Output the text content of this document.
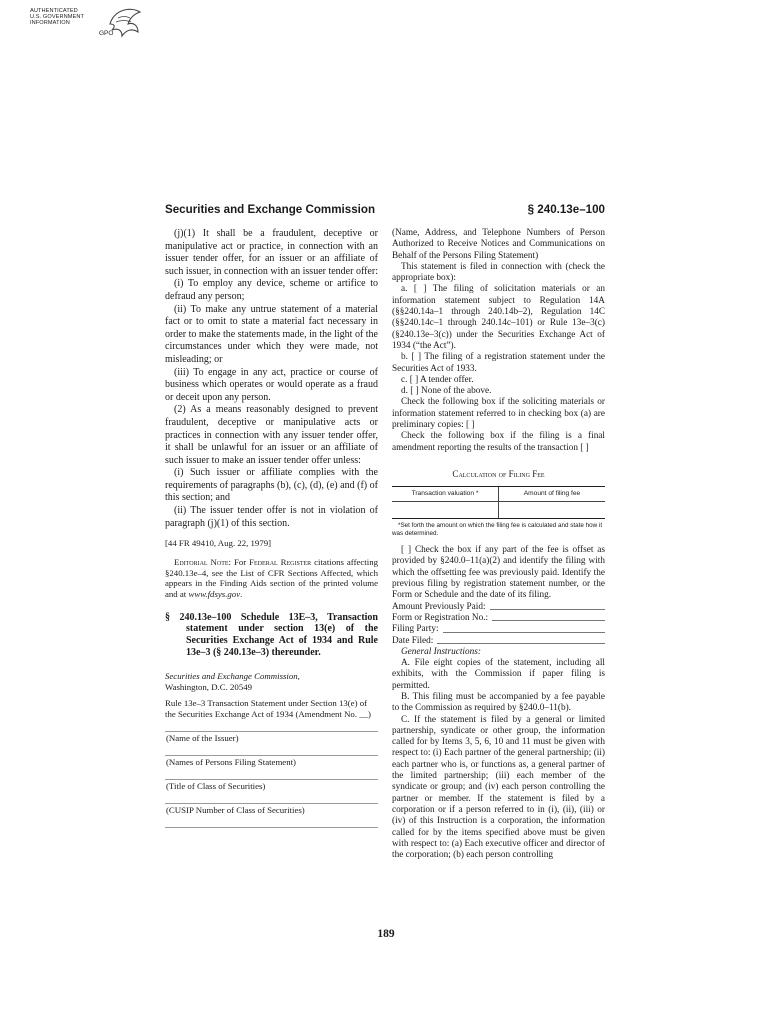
AUTHENTICATED
U.S. GOVERNMENT
INFORMATION
GPO
Securities and Exchange Commission	§ 240.13e–100

(j)(1) It shall be a fraudulent, deceptive or manipulative act or practice, in connection with an issuer tender offer, for an issuer or an affiliate of such issuer, in connection with an issuer tender offer:

(i) To employ any device, scheme or artifice to defraud any person;

(ii) To make any untrue statement of a material fact or to omit to state a material fact necessary in order to make the statements made, in the light of the circumstances under which they were made, not misleading; or

(iii) To engage in any act, practice or course of business which operates or would operate as a fraud or deceit upon any person.

(2) As a means reasonably designed to prevent fraudulent, deceptive or manipulative acts or practices in connection with any issuer tender offer, it shall be unlawful for an issuer or an affiliate of such issuer to make an issuer tender offer unless:

(i) Such issuer or affiliate complies with the requirements of paragraphs (b), (c), (d), (e) and (f) of this section; and

(ii) The issuer tender offer is not in violation of paragraph (j)(1) of this section.

[44 FR 49410, Aug. 22, 1979]

Editorial Note: For Federal Register citations affecting §240.13e–4, see the List of CFR Sections Affected, which appears in the Finding Aids section of the printed volume and at www.fdsys.gov.

§ 240.13e–100 Schedule 13E–3, Transaction statement under section 13(e) of the Securities Exchange Act of 1934 and Rule 13e–3 (§ 240.13e–3) thereunder.

Securities and Exchange Commission,

Washington, D.C. 20549

Rule 13e–3 Transaction Statement under Section 13(e) of the Securities Exchange Act of 1934 (Amendment No. __)

(Name of the Issuer)

(Names of Persons Filing Statement)

(Title of Class of Securities)

(CUSIP Number of Class of Securities)

(Name, Address, and Telephone Numbers of Person Authorized to Receive Notices and Communications on Behalf of the Persons Filing Statement)

This statement is filed in connection with (check the appropriate box):

a. [ ] The filing of solicitation materials or an information statement subject to Regulation 14A (§§240.14a–1 through 240.14b–2), Regulation 14C (§§240.14c–1 through 240.14c–101) or Rule 13e–3(c) (§240.13e–3(c)) under the Securities Exchange Act of 1934 (“the Act”).

b. [ ] The filing of a registration statement under the Securities Act of 1933.

c. [ ] A tender offer.

d. [ ] None of the above.

Check the following box if the soliciting materials or information statement referred to in checking box (a) are preliminary copies: [ ]

Check the following box if the filing is a final amendment reporting the results of the transaction [ ]

Calculation of Filing Fee

Transaction valuation *	Amount of filing fee

*Set forth the amount on which the filing fee is calculated and state how it was determined.

[ ] Check the box if any part of the fee is offset as provided by §240.0–11(a)(2) and identify the filing with which the offsetting fee was previously paid. Identify the previous filing by registration statement number, or the Form or Schedule and the date of its filing.

Amount Previously Paid:
Form or Registration No.:
Filing Party:
Date Filed:

General Instructions:

A. File eight copies of the statement, including all exhibits, with the Commission if paper filing is permitted.

B. This filing must be accompanied by a fee payable to the Commission as required by §240.0–11(b).

C. If the statement is filed by a general or limited partnership, syndicate or other group, the information called for by Items 3, 5, 6, 10 and 11 must be given with respect to: (i) Each partner of the general partnership; (ii) each partner who is, or functions as, a general partner of the limited partnership; (iii) each member of the syndicate or group; and (iv) each person controlling the partner or member. If the statement is filed by a corporation or if a person referred to in (i), (ii), (iii) or (iv) of this Instruction is a corporation, the information called for by the items specified above must be given with respect to: (a) Each executive officer and director of the corporation; (b) each person controlling

189
